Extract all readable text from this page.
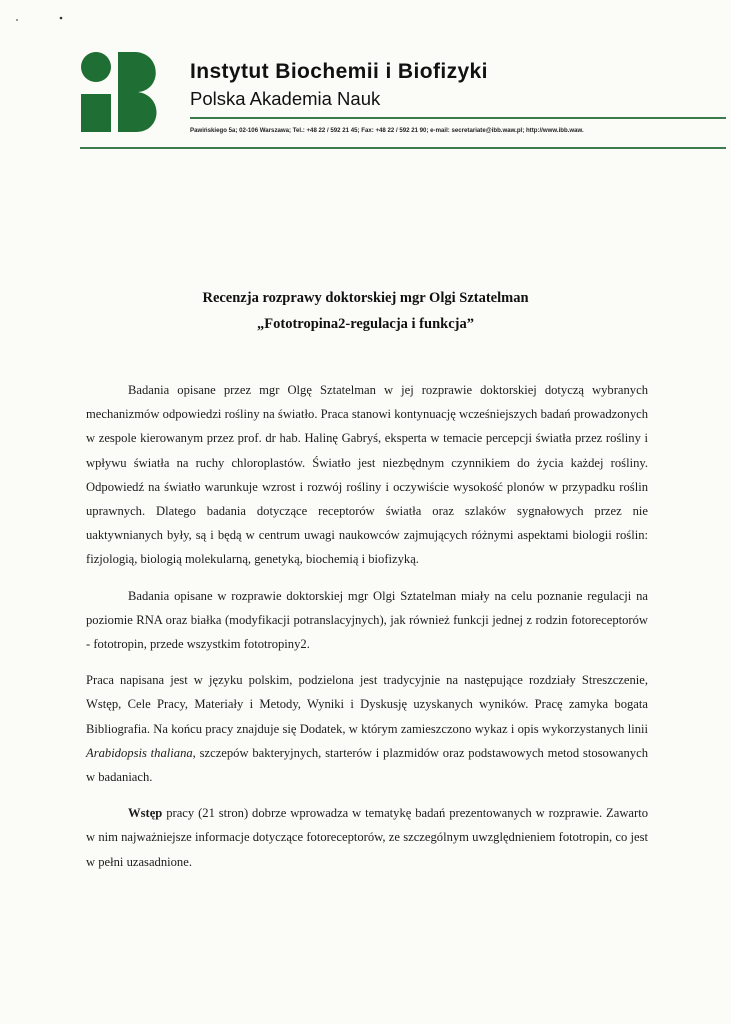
Instytut Biochemii i Biofizyki
Polska Akademia Nauk
Pawińskiego 5a; 02-106 Warszawa; Tel.: +48 22 / 592 21 45; Fax: +48 22 / 592 21 90; e-mail: secretariate@ibb.waw.pl; http://www.ibb.waw.
Recenzja rozprawy doktorskiej mgr Olgi Sztatelman
„Fototropina2-regulacja i funkcja”

Badania opisane przez mgr Olgę Sztatelman w jej rozprawie doktorskiej dotyczą wybranych mechanizmów odpowiedzi rośliny na światło. Praca stanowi kontynuację wcześniejszych badań prowadzonych w zespole kierowanym przez prof. dr hab. Halinę Gabryś, eksperta w temacie percepcji światła przez rośliny i wpływu światła na ruchy chloroplastów. Światło jest niezbędnym czynnikiem do życia każdej rośliny. Odpowiedź na światło warunkuje wzrost i rozwój rośliny i oczywiście wysokość plonów w przypadku roślin uprawnych. Dlatego badania dotyczące receptorów światła oraz szlaków sygnałowych przez nie uaktywnianych były, są i będą w centrum uwagi naukowców zajmujących różnymi aspektami biologii roślin: fizjologią, biologią molekularną, genetyką, biochemią i biofizyką.

Badania opisane w rozprawie doktorskiej mgr Olgi Sztatelman miały na celu poznanie regulacji na poziomie RNA oraz białka (modyfikacji potranslacyjnych), jak również funkcji jednej z rodzin fotoreceptorów - fototropin, przede wszystkim fototropiny2.

Praca napisana jest w języku polskim, podzielona jest tradycyjnie na następujące rozdziały Streszczenie, Wstęp, Cele Pracy, Materiały i Metody, Wyniki i Dyskusję uzyskanych wyników. Pracę zamyka bogata Bibliografia. Na końcu pracy znajduje się Dodatek, w którym zamieszczono wykaz i opis wykorzystanych linii Arabidopsis thaliana, szczepów bakteryjnych, starterów i plazmidów oraz podstawowych metod stosowanych w badaniach.

Wstęp pracy (21 stron) dobrze wprowadza w tematykę badań prezentowanych w rozprawie. Zawarto w nim najważniejsze informacje dotyczące fotoreceptorów, ze szczególnym uwzględnieniem fototropin, co jest w pełni uzasadnione.
